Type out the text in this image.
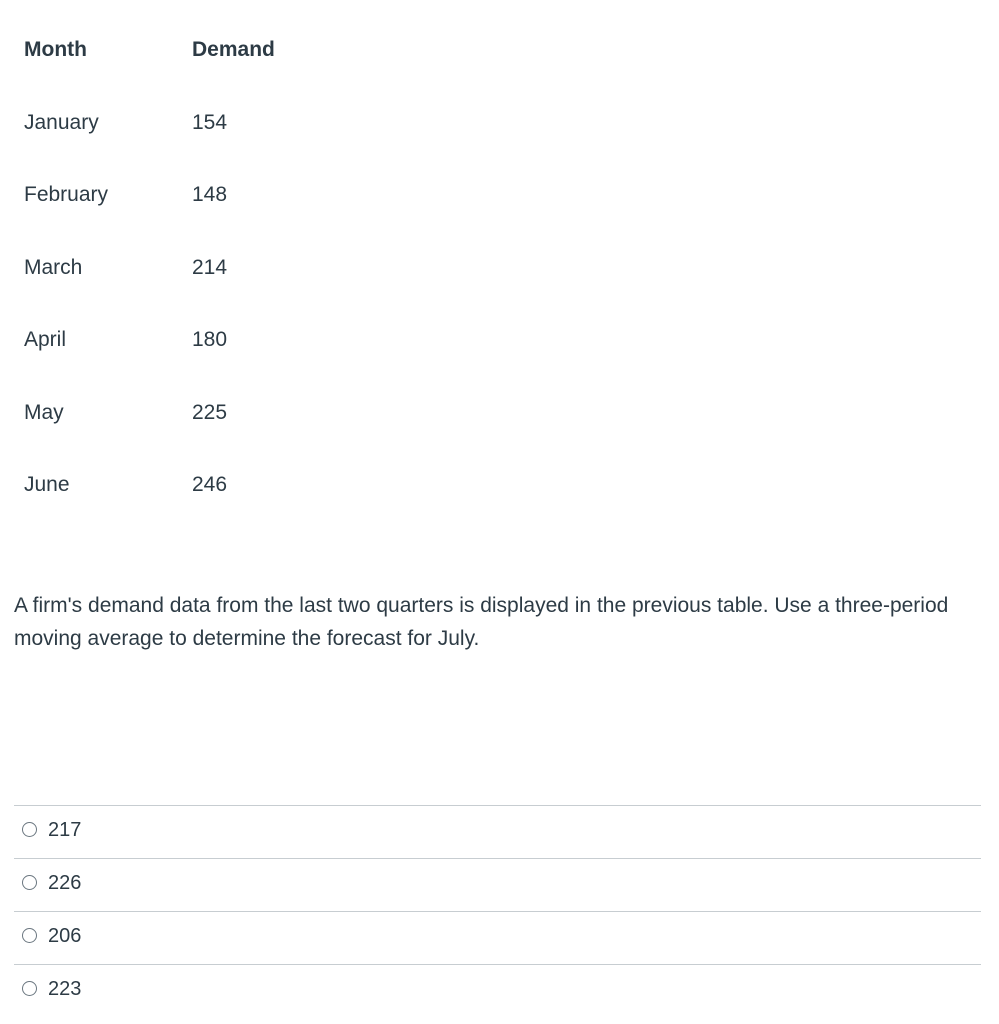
Month	Demand
January	154
February	148
March	214
April	180
May	225
June	246
A firm's demand data from the last two quarters is displayed in the previous table. Use a three-period moving average to determine the forecast for July.
217
226
206
223
